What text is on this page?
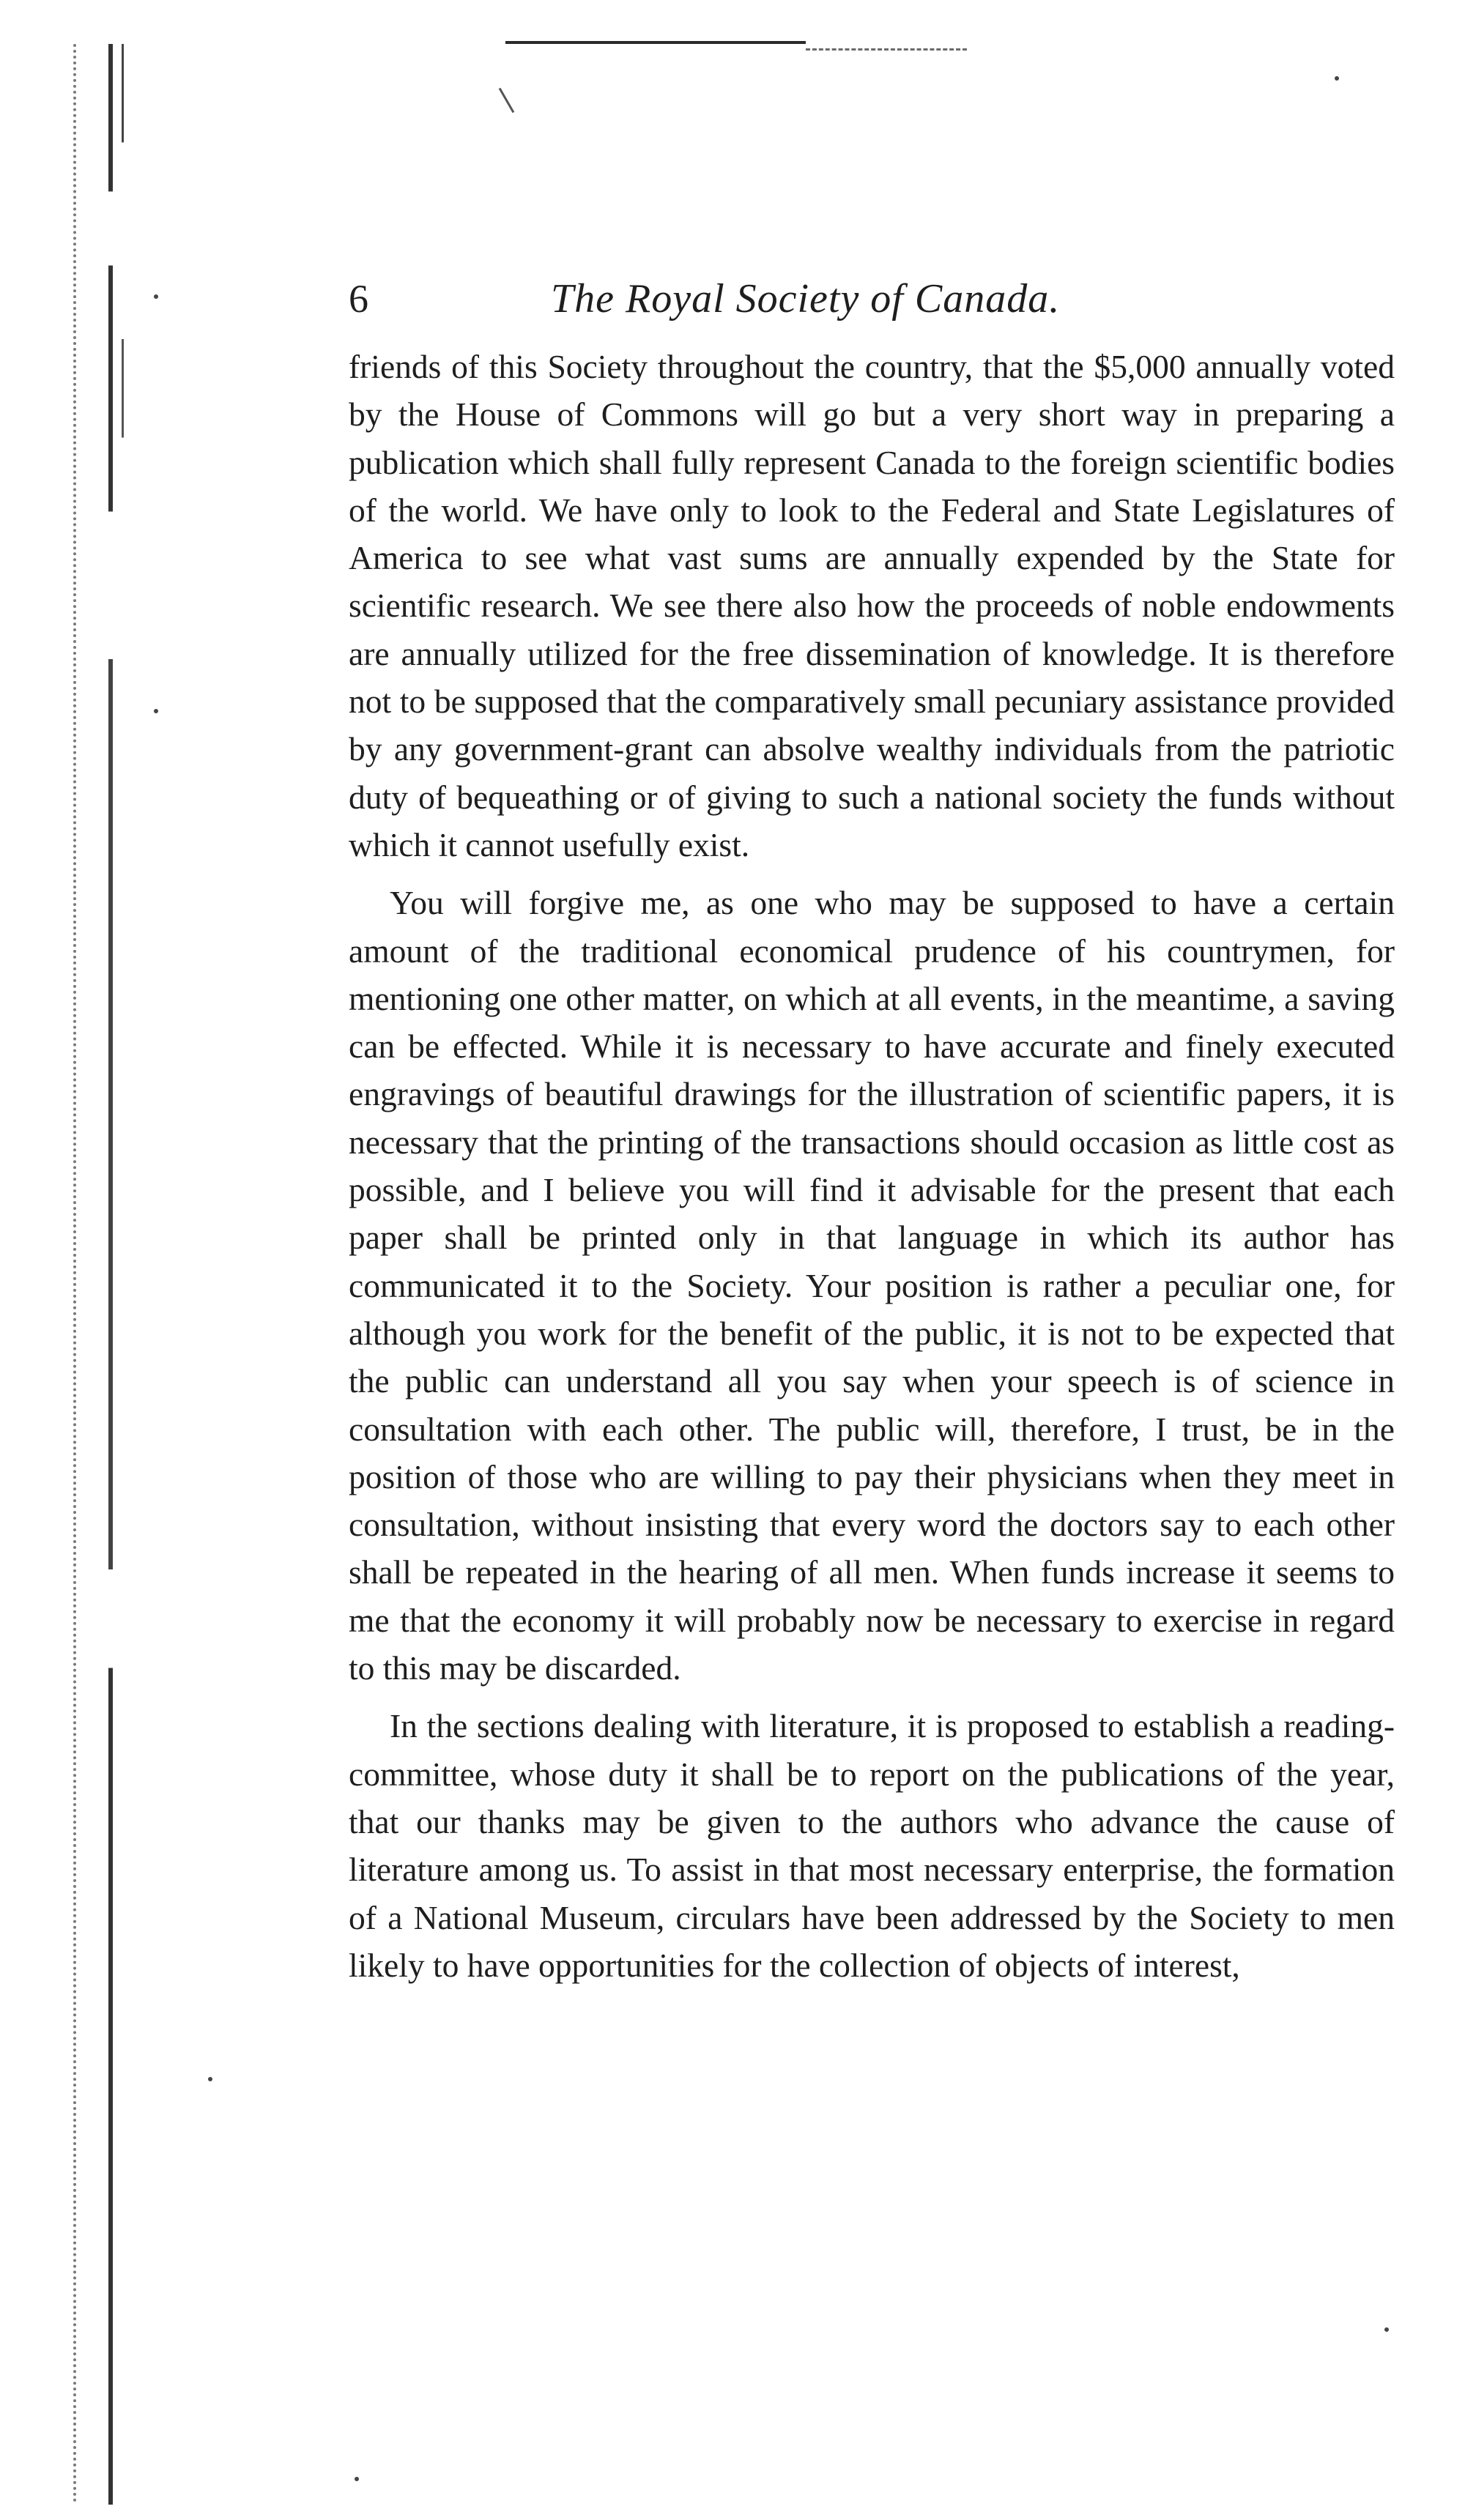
6	The Royal Society of Canada.

friends of this Society throughout the country, that the $5,000 annually voted by the House of Commons will go but a very short way in preparing a publication which shall fully represent Canada to the foreign scientific bodies of the world. We have only to look to the Federal and State Legislatures of America to see what vast sums are annually expended by the State for scientific research. We see there also how the proceeds of noble endowments are annually utilized for the free dissemination of knowledge. It is therefore not to be supposed that the comparatively small pecuniary assistance provided by any government-grant can absolve wealthy individuals from the patriotic duty of bequeathing or of giving to such a national society the funds without which it cannot usefully exist.

You will forgive me, as one who may be supposed to have a certain amount of the traditional economical prudence of his countrymen, for mentioning one other matter, on which at all events, in the meantime, a saving can be effected. While it is necessary to have accurate and finely executed engravings of beautiful drawings for the illustration of scientific papers, it is necessary that the printing of the transactions should occasion as little cost as possible, and I believe you will find it advisable for the present that each paper shall be printed only in that language in which its author has communicated it to the Society. Your position is rather a peculiar one, for although you work for the benefit of the public, it is not to be expected that the public can understand all you say when your speech is of science in consultation with each other. The public will, therefore, I trust, be in the position of those who are willing to pay their physicians when they meet in consultation, without insisting that every word the doctors say to each other shall be repeated in the hearing of all men. When funds increase it seems to me that the economy it will probably now be necessary to exercise in regard to this may be discarded.

In the sections dealing with literature, it is proposed to establish a reading-committee, whose duty it shall be to report on the publications of the year, that our thanks may be given to the authors who advance the cause of literature among us. To assist in that most necessary enterprise, the formation of a National Museum, circulars have been addressed by the Society to men likely to have opportunities for the collection of objects of interest,
